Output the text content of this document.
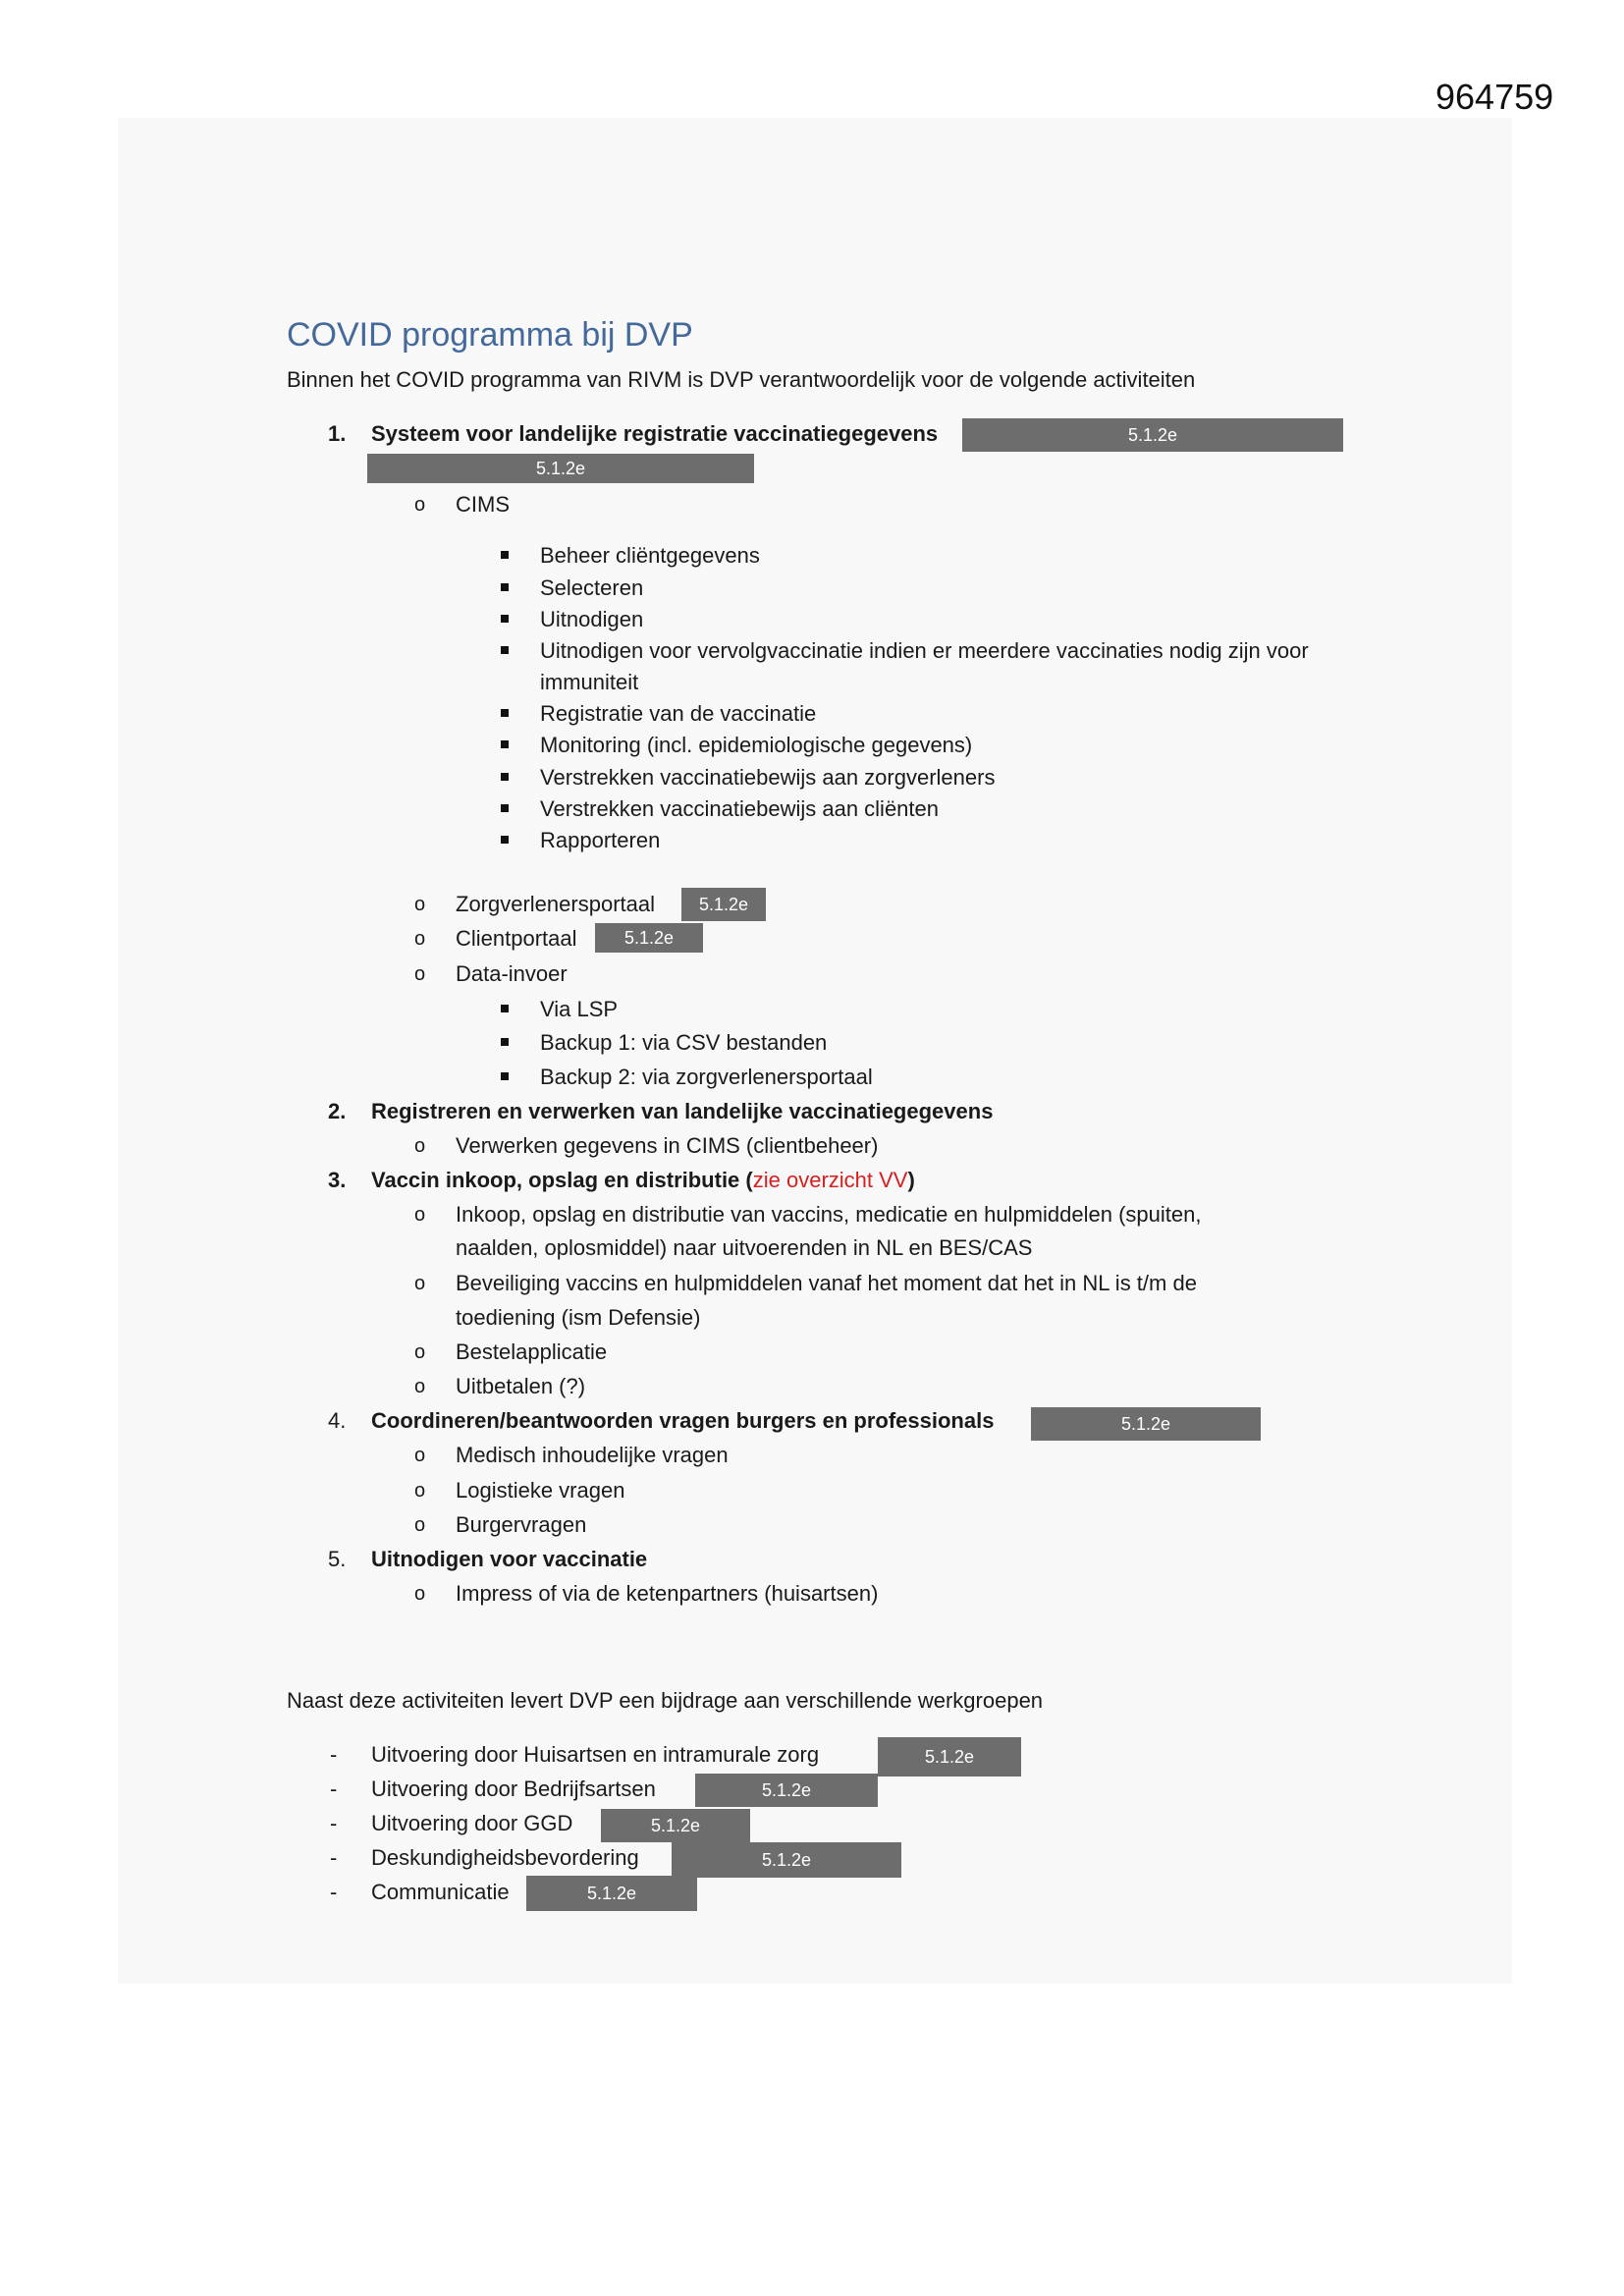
964759
COVID programma bij DVP
Binnen het COVID programma van RIVM is DVP verantwoordelijk voor de volgende activiteiten
1. Systeem voor landelijke registratie vaccinatiegegevens	5.1.2e
5.1.2e
o CIMS
Beheer cliëntgegevens
Selecteren
Uitnodigen
Uitnodigen voor vervolgvaccinatie indien er meerdere vaccinaties nodig zijn voor
immuniteit
Registratie van de vaccinatie
Monitoring (incl. epidemiologische gegevens)
Verstrekken vaccinatiebewijs aan zorgverleners
Verstrekken vaccinatiebewijs aan cliënten
Rapporteren
o Zorgverlenersportaal	5.1.2e
o Clientportaal	5.1.2e
o Data-invoer
Via LSP
Backup 1: via CSV bestanden
Backup 2: via zorgverlenersportaal
2. Registreren en verwerken van landelijke vaccinatiegegevens
o Verwerken gegevens in CIMS (clientbeheer)
3. Vaccin inkoop, opslag en distributie (zie overzicht VV)
o Inkoop, opslag en distributie van vaccins, medicatie en hulpmiddelen (spuiten,
naalden, oplosmiddel) naar uitvoerenden in NL en BES/CAS
o Beveiliging vaccins en hulpmiddelen vanaf het moment dat het in NL is t/m de
toediening (ism Defensie)
o Bestelapplicatie
o Uitbetalen (?)
4. Coordineren/beantwoorden vragen burgers en professionals	5.1.2e
o Medisch inhoudelijke vragen
o Logistieke vragen
o Burgervragen
5. Uitnodigen voor vaccinatie
o Impress of via de ketenpartners (huisartsen)
Naast deze activiteiten levert DVP een bijdrage aan verschillende werkgroepen
- Uitvoering door Huisartsen en intramurale zorg	5.1.2e
- Uitvoering door Bedrijfsartsen	5.1.2e
- Uitvoering door GGD	5.1.2e
- Deskundigheidsbevordering	5.1.2e
- Communicatie	5.1.2e
